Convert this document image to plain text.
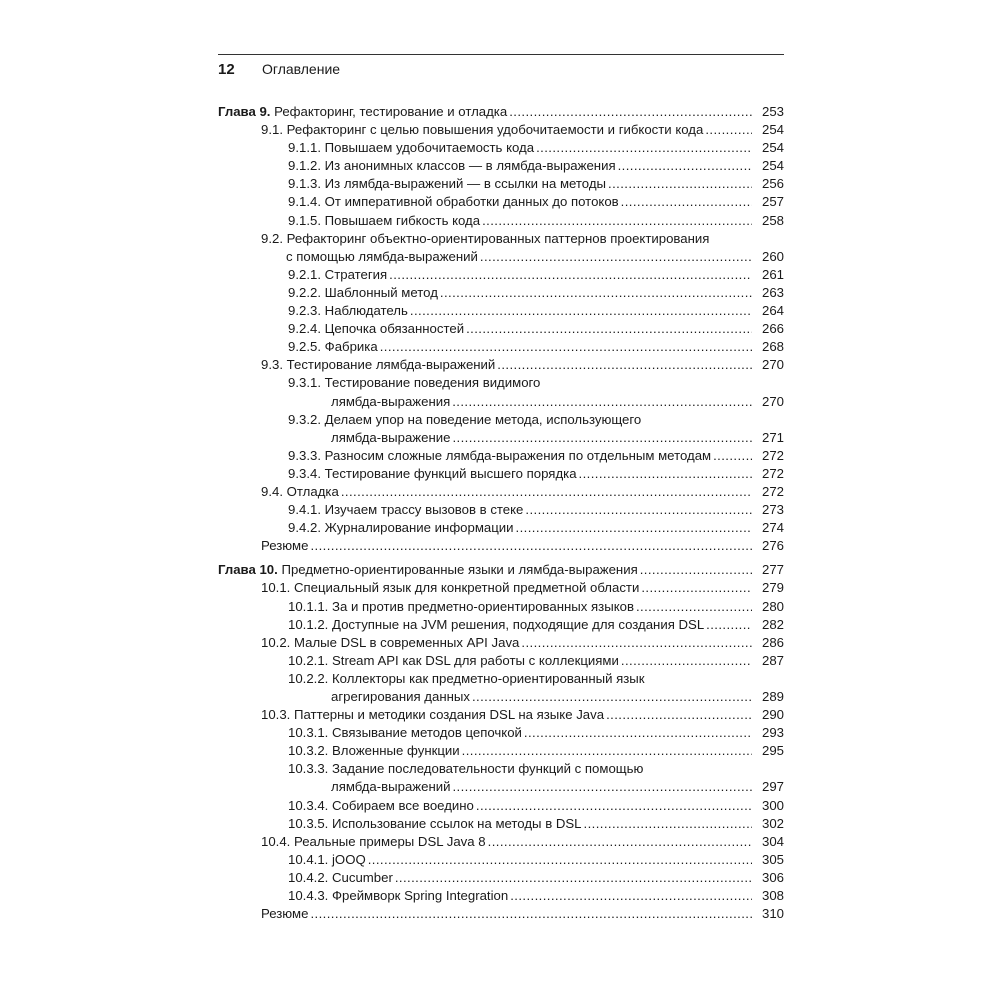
12 Оглавление
Глава 9. Рефакторинг, тестирование и отладка .....	253
9.1. Рефакторинг с целью повышения удобочитаемости и гибкости кода .....	254
9.1.1. Повышаем удобочитаемость кода .....	254
9.1.2. Из анонимных классов — в лямбда-выражения .....	254
9.1.3. Из лямбда-выражений — в ссылки на методы .....	256
9.1.4. От императивной обработки данных до потоков .....	257
9.1.5. Повышаем гибкость кода .....	258
9.2. Рефакторинг объектно-ориентированных паттернов проектирования
с помощью лямбда-выражений .....	260
9.2.1. Стратегия .....	261
9.2.2. Шаблонный метод .....	263
9.2.3. Наблюдатель .....	264
9.2.4. Цепочка обязанностей .....	266
9.2.5. Фабрика .....	268
9.3. Тестирование лямбда-выражений .....	270
9.3.1. Тестирование поведения видимого
лямбда-выражения .....	270
9.3.2. Делаем упор на поведение метода, использующего
лямбда-выражение .....	271
9.3.3. Разносим сложные лямбда-выражения по отдельным методам .....	272
9.3.4. Тестирование функций высшего порядка .....	272
9.4. Отладка .....	272
9.4.1. Изучаем трассу вызовов в стеке .....	273
9.4.2. Журналирование информации .....	274
Резюме .....	276
Глава 10. Предметно-ориентированные языки и лямбда-выражения .....	277
10.1. Специальный язык для конкретной предметной области .....	279
10.1.1. За и против предметно-ориентированных языков .....	280
10.1.2. Доступные на JVM решения, подходящие для создания DSL .....	282
10.2. Малые DSL в современных API Java .....	286
10.2.1. Stream API как DSL для работы с коллекциями .....	287
10.2.2. Коллекторы как предметно-ориентированный язык
агрегирования данных .....	289
10.3. Паттерны и методики создания DSL на языке Java .....	290
10.3.1. Связывание методов цепочкой .....	293
10.3.2. Вложенные функции .....	295
10.3.3. Задание последовательности функций с помощью
лямбда-выражений .....	297
10.3.4. Собираем все воедино .....	300
10.3.5. Использование ссылок на методы в DSL .....	302
10.4. Реальные примеры DSL Java 8 .....	304
10.4.1. jOOQ .....	305
10.4.2. Cucumber .....	306
10.4.3. Фреймворк Spring Integration .....	308
Резюме .....	310
